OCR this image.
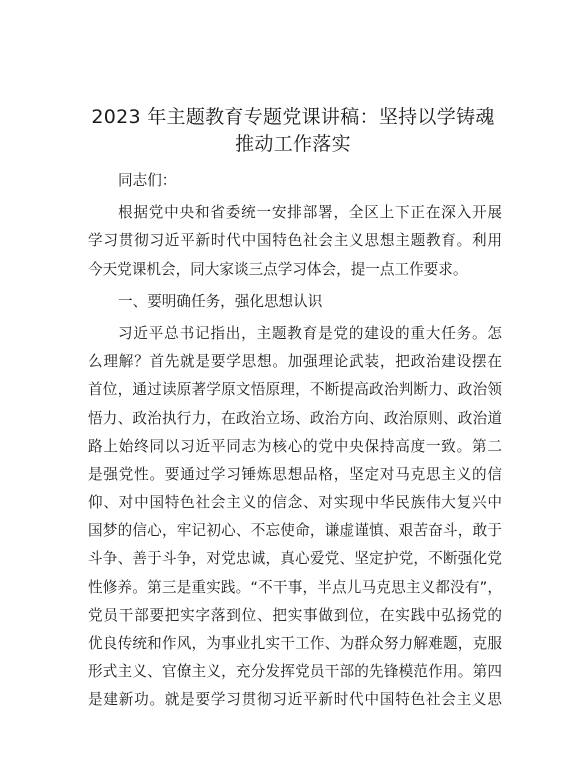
2023 年主题教育专题党课讲稿：坚持以学铸魂
推动工作落实
同志们：
根据党中央和省委统一安排部署，全区上下正在深入开展
学习贯彻习近平新时代中国特色社会主义思想主题教育。利用
今天党课机会，同大家谈三点学习体会，提一点工作要求。
一、要明确任务，强化思想认识
习近平总书记指出，主题教育是党的建设的重大任务。怎
么理解？首先就是要学思想。加强理论武装，把政治建设摆在
首位，通过读原著学原文悟原理，不断提高政治判断力、政治领
悟力、政治执行力，在政治立场、政治方向、政治原则、政治道
路上始终同以习近平同志为核心的党中央保持高度一致。第二
是强党性。要通过学习锤炼思想品格，坚定对马克思主义的信
仰、对中国特色社会主义的信念、对实现中华民族伟大复兴中
国梦的信心，牢记初心、不忘使命，谦虚谨慎、艰苦奋斗，敢于
斗争、善于斗争，对党忠诚，真心爱党、坚定护党，不断强化党
性修养。第三是重实践。“不干事，半点儿马克思主义都没有”，
党员干部要把实字落到位、把实事做到位，在实践中弘扬党的
优良传统和作风，为事业扎实干工作、为群众努力解难题，克服
形式主义、官僚主义，充分发挥党员干部的先锋模范作用。第四
是建新功。就是要学习贯彻习近平新时代中国特色社会主义思
